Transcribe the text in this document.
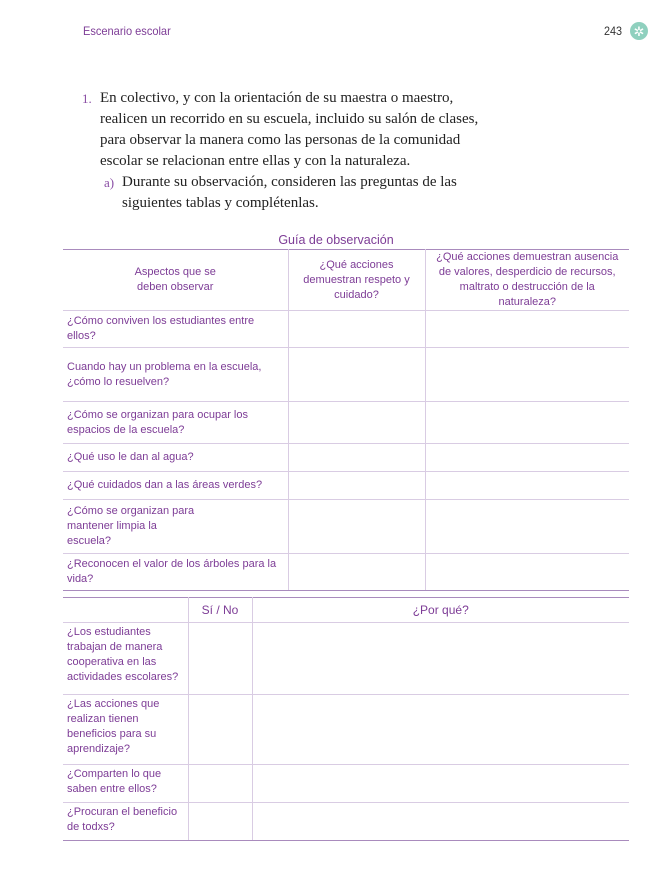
Escenario escolar	243 ✲
1. En colectivo, y con la orientación de su maestra o maestro,
realicen un recorrido en su escuela, incluido su salón de clases,
para observar la manera como las personas de la comunidad
escolar se relacionan entre ellas y con la naturaleza.
a) Durante su observación, consideren las preguntas de las
siguientes tablas y complétenlas.
Guía de observación
Aspectos que se deben observar	¿Qué acciones demuestran respeto y cuidado?	¿Qué acciones demuestran ausencia de valores, desperdicio de recursos, maltrato o destrucción de la naturaleza?
¿Cómo conviven los estudiantes entre ellos?		
Cuando hay un problema en la escuela, ¿cómo lo resuelven?		
¿Cómo se organizan para ocupar los espacios de la escuela?		
¿Qué uso le dan al agua?		
¿Qué cuidados dan a las áreas verdes?		
¿Cómo se organizan para mantener limpia la escuela?		
¿Reconocen el valor de los árboles para la vida?		
	Sí / No	¿Por qué?
¿Los estudiantes trabajan de manera cooperativa en las actividades escolares?		
¿Las acciones que realizan tienen beneficios para su aprendizaje?		
¿Comparten lo que saben entre ellos?		
¿Procuran el beneficio de todxs?		
